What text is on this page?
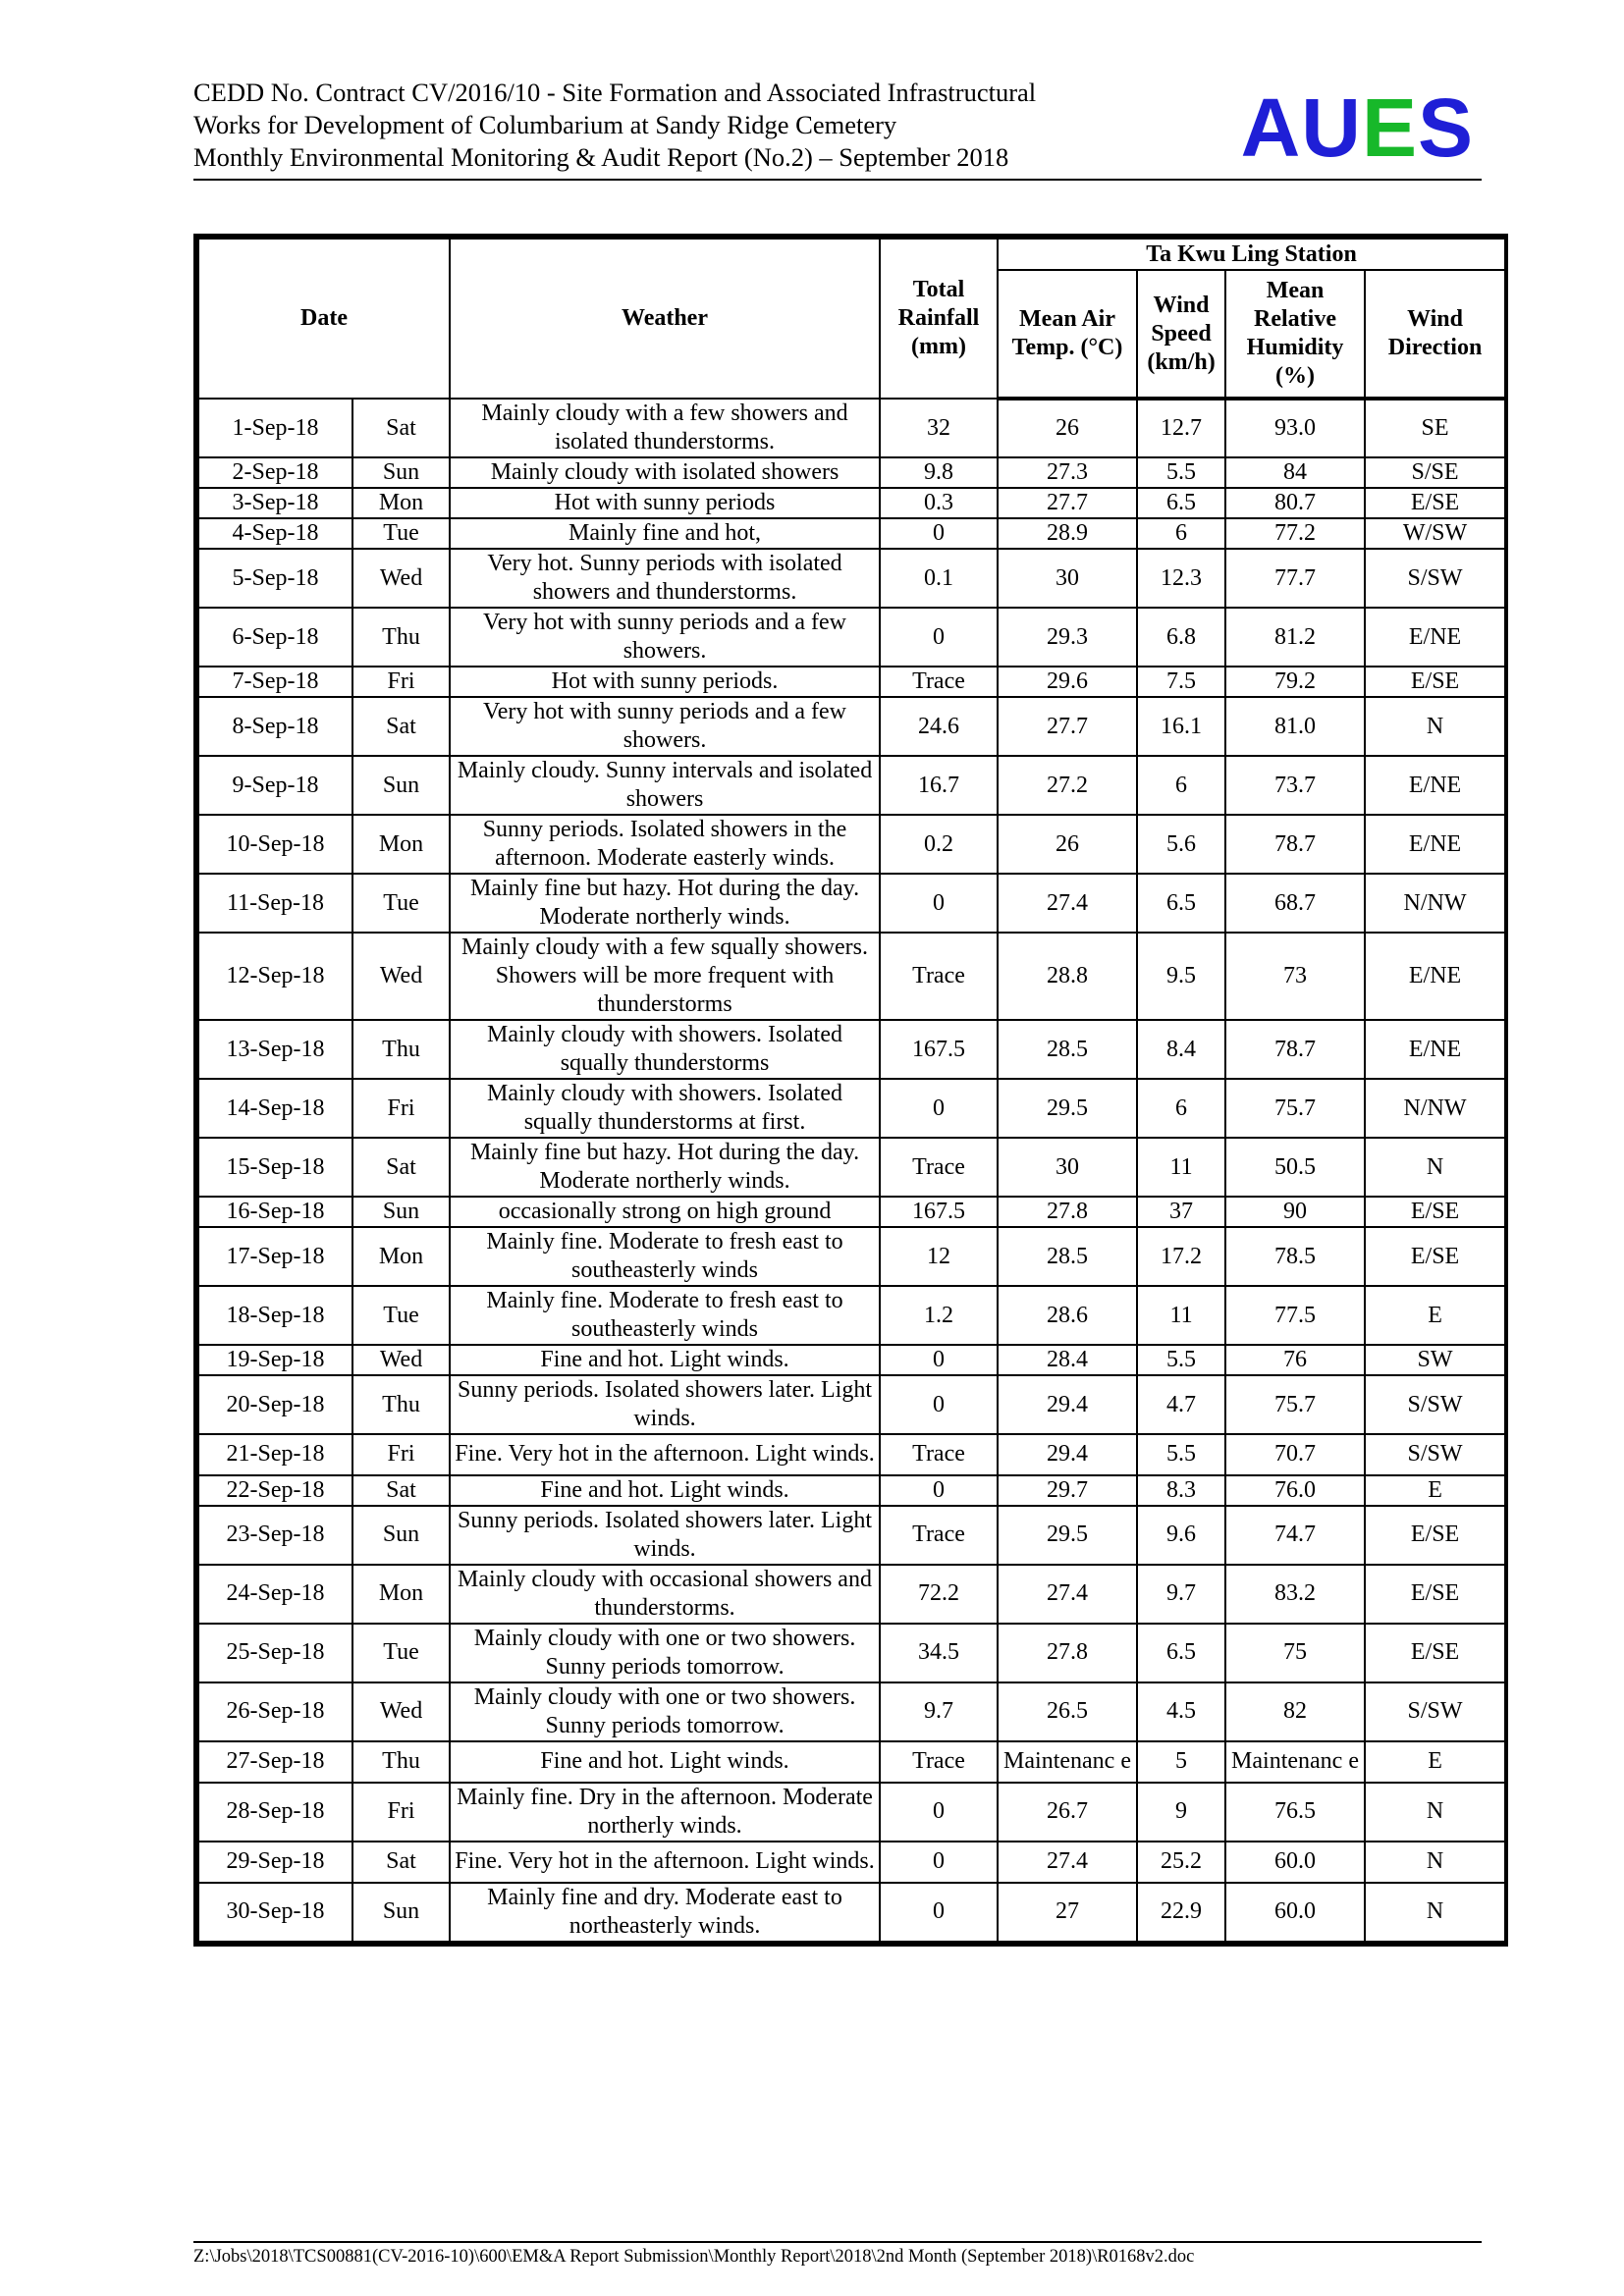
CEDD No. Contract CV/2016/10 - Site Formation and Associated Infrastructural
Works for Development of Columbarium at Sandy Ridge Cemetery
Monthly Environmental Monitoring & Audit Report (No.2) – September 2018	AUES
Date		Weather	Total Rainfall (mm)	Ta Kwu Ling Station			
				Mean Air Temp. (°C)	Wind Speed (km/h)	Mean Relative Humidity (%)	Wind Direction
1-Sep-18	Sat	Mainly cloudy with a few showers and isolated thunderstorms.	32	26	12.7	93.0	SE
2-Sep-18	Sun	Mainly cloudy with isolated showers	9.8	27.3	5.5	84	S/SE
3-Sep-18	Mon	Hot with sunny periods	0.3	27.7	6.5	80.7	E/SE
4-Sep-18	Tue	Mainly fine and hot,	0	28.9	6	77.2	W/SW
5-Sep-18	Wed	Very hot. Sunny periods with isolated showers and thunderstorms.	0.1	30	12.3	77.7	S/SW
6-Sep-18	Thu	Very hot with sunny periods and a few showers.	0	29.3	6.8	81.2	E/NE
7-Sep-18	Fri	Hot with sunny periods.	Trace	29.6	7.5	79.2	E/SE
8-Sep-18	Sat	Very hot with sunny periods and a few showers.	24.6	27.7	16.1	81.0	N
9-Sep-18	Sun	Mainly cloudy. Sunny intervals and isolated showers	16.7	27.2	6	73.7	E/NE
10-Sep-18	Mon	Sunny periods. Isolated showers in the afternoon. Moderate easterly winds.	0.2	26	5.6	78.7	E/NE
11-Sep-18	Tue	Mainly fine but hazy. Hot during the day. Moderate northerly winds.	0	27.4	6.5	68.7	N/NW
12-Sep-18	Wed	Mainly cloudy with a few squally showers. Showers will be more frequent with thunderstorms	Trace	28.8	9.5	73	E/NE
13-Sep-18	Thu	Mainly cloudy with showers. Isolated squally thunderstorms	167.5	28.5	8.4	78.7	E/NE
14-Sep-18	Fri	Mainly cloudy with showers. Isolated squally thunderstorms at first.	0	29.5	6	75.7	N/NW
15-Sep-18	Sat	Mainly fine but hazy. Hot during the day. Moderate northerly winds.	Trace	30	11	50.5	N
16-Sep-18	Sun	occasionally strong on high ground	167.5	27.8	37	90	E/SE
17-Sep-18	Mon	Mainly fine. Moderate to fresh east to southeasterly winds	12	28.5	17.2	78.5	E/SE
18-Sep-18	Tue	Mainly fine. Moderate to fresh east to southeasterly winds	1.2	28.6	11	77.5	E
19-Sep-18	Wed	Fine and hot. Light winds.	0	28.4	5.5	76	SW
20-Sep-18	Thu	Sunny periods. Isolated showers later. Light winds.	0	29.4	4.7	75.7	S/SW
21-Sep-18	Fri	Fine. Very hot in the afternoon. Light winds.	Trace	29.4	5.5	70.7	S/SW
22-Sep-18	Sat	Fine and hot. Light winds.	0	29.7	8.3	76.0	E
23-Sep-18	Sun	Sunny periods. Isolated showers later. Light winds.	Trace	29.5	9.6	74.7	E/SE
24-Sep-18	Mon	Mainly cloudy with occasional showers and thunderstorms.	72.2	27.4	9.7	83.2	E/SE
25-Sep-18	Tue	Mainly cloudy with one or two showers. Sunny periods tomorrow.	34.5	27.8	6.5	75	E/SE
26-Sep-18	Wed	Mainly cloudy with one or two showers. Sunny periods tomorrow.	9.7	26.5	4.5	82	S/SW
27-Sep-18	Thu	Fine and hot. Light winds.	Trace	Maintenanc e	5	Maintenanc e	E
28-Sep-18	Fri	Mainly fine. Dry in the afternoon. Moderate northerly winds.	0	26.7	9	76.5	N
29-Sep-18	Sat	Fine. Very hot in the afternoon. Light winds.	0	27.4	25.2	60.0	N
30-Sep-18	Sun	Mainly fine and dry. Moderate east to northeasterly winds.	0	27	22.9	60.0	N
Z:\Jobs\2018\TCS00881(CV-2016-10)\600\EM&A Report Submission\Monthly Report\2018\2nd Month (September 2018)\R0168v2.doc
